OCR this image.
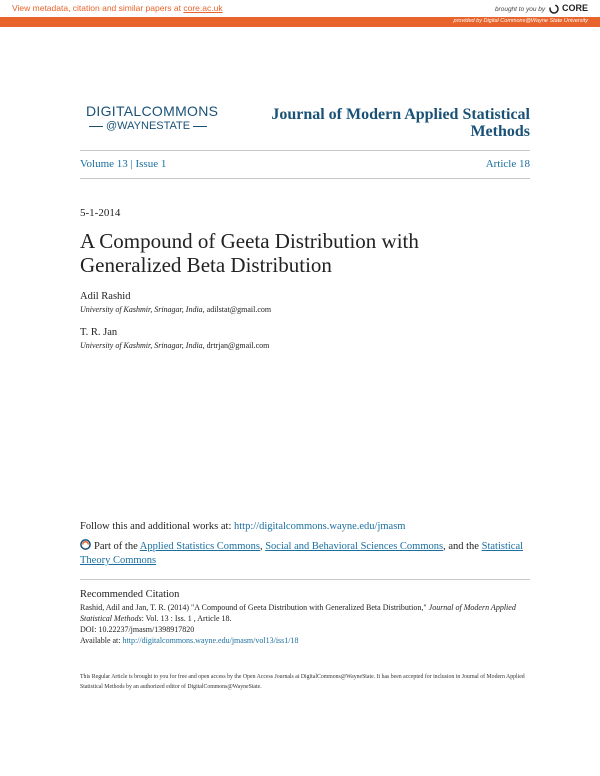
View metadata, citation and similar papers at core.ac.uk	brought to you by CORE
provided by Digital Commons@Wayne State University
DIGITALCOMMONS
@WAYNESTATE
Journal of Modern Applied Statistical Methods
Volume 13 | Issue 1	Article 18
5-1-2014
A Compound of Geeta Distribution with Generalized Beta Distribution
Adil Rashid
University of Kashmir, Srinagar, India, adilstat@gmail.com
T. R. Jan
University of Kashmir, Srinagar, India, drtrjan@gmail.com
Follow this and additional works at: http://digitalcommons.wayne.edu/jmasm
Part of the Applied Statistics Commons, Social and Behavioral Sciences Commons, and the Statistical Theory Commons
Recommended Citation
Rashid, Adil and Jan, T. R. (2014) "A Compound of Geeta Distribution with Generalized Beta Distribution," Journal of Modern Applied Statistical Methods: Vol. 13 : Iss. 1 , Article 18.
DOI: 10.22237/jmasm/1398917820
Available at: http://digitalcommons.wayne.edu/jmasm/vol13/iss1/18
This Regular Article is brought to you for free and open access by the Open Access Journals at DigitalCommons@WayneState. It has been accepted for inclusion in Journal of Modern Applied Statistical Methods by an authorized editor of DigitalCommons@WayneState.
